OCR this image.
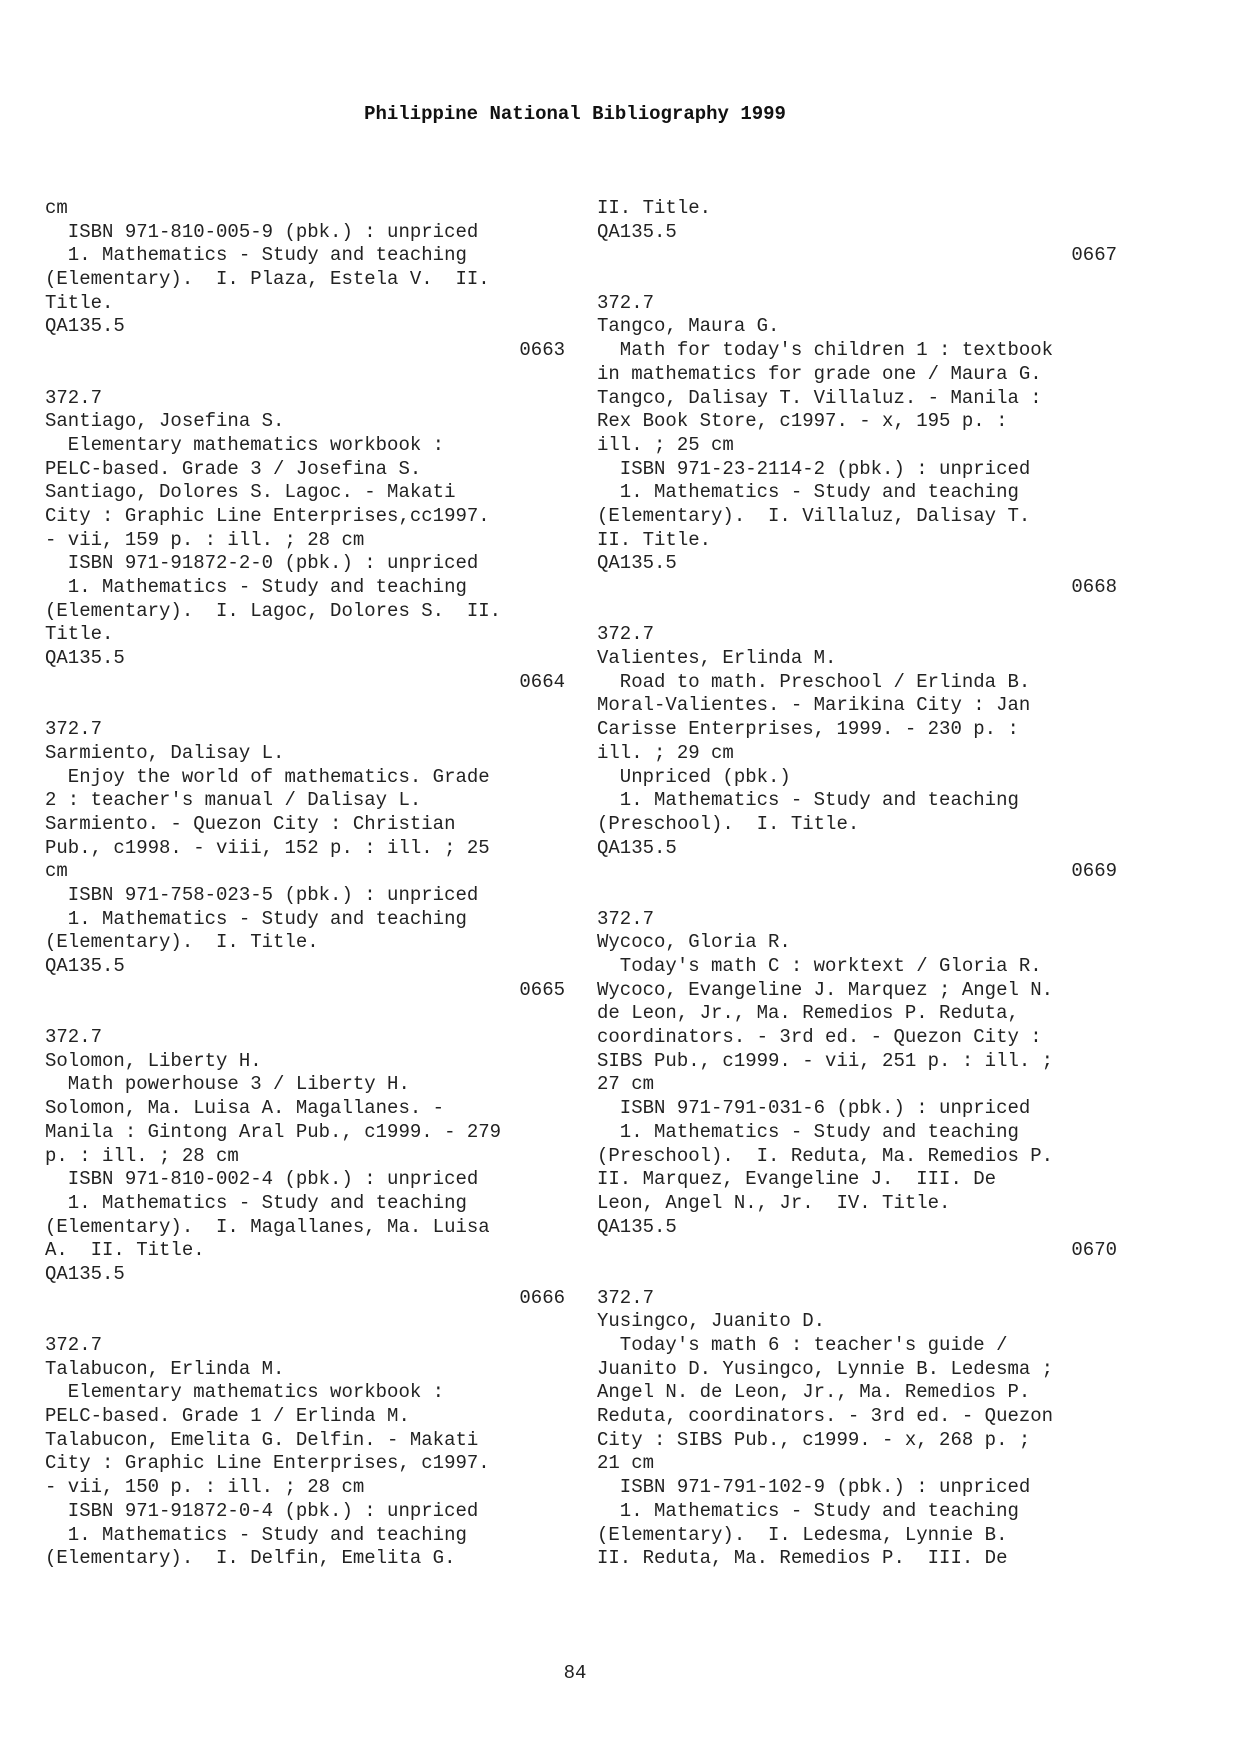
Philippine National Bibliography 1999
cm
ISBN 971-810-005-9 (pbk.) : unpriced
1. Mathematics - Study and teaching
(Elementary).  I. Plaza, Estela V.  II.
Title.
QA135.5
0663
372.7
Santiago, Josefina S.
Elementary mathematics workbook :
PELC-based. Grade 3 / Josefina S.
Santiago, Dolores S. Lagoc. - Makati
City : Graphic Line Enterprises,cc1997.
- vii, 159 p. : ill. ; 28 cm
ISBN 971-91872-2-0 (pbk.) : unpriced
1. Mathematics - Study and teaching
(Elementary).  I. Lagoc, Dolores S.  II.
Title.
QA135.5
0664
372.7
Sarmiento, Dalisay L.
Enjoy the world of mathematics. Grade
2 : teacher's manual / Dalisay L.
Sarmiento. - Quezon City : Christian
Pub., c1998. - viii, 152 p. : ill. ; 25
cm
ISBN 971-758-023-5 (pbk.) : unpriced
1. Mathematics - Study and teaching
(Elementary).  I. Title.
QA135.5
0665
372.7
Solomon, Liberty H.
Math powerhouse 3 / Liberty H.
Solomon, Ma. Luisa A. Magallanes. -
Manila : Gintong Aral Pub., c1999. - 279
p. : ill. ; 28 cm
ISBN 971-810-002-4 (pbk.) : unpriced
1. Mathematics - Study and teaching
(Elementary).  I. Magallanes, Ma. Luisa
A.  II. Title.
QA135.5
0666
372.7
Talabucon, Erlinda M.
Elementary mathematics workbook :
PELC-based. Grade 1 / Erlinda M.
Talabucon, Emelita G. Delfin. - Makati
City : Graphic Line Enterprises, c1997.
- vii, 150 p. : ill. ; 28 cm
ISBN 971-91872-0-4 (pbk.) : unpriced
1. Mathematics - Study and teaching
(Elementary).  I. Delfin, Emelita G.
II. Title.
QA135.5
0667
372.7
Tangco, Maura G.
Math for today's children 1 : textbook
in mathematics for grade one / Maura G.
Tangco, Dalisay T. Villaluz. - Manila :
Rex Book Store, c1997. - x, 195 p. :
ill. ; 25 cm
ISBN 971-23-2114-2 (pbk.) : unpriced
1. Mathematics - Study and teaching
(Elementary).  I. Villaluz, Dalisay T.
II. Title.
QA135.5
0668
372.7
Valientes, Erlinda M.
Road to math. Preschool / Erlinda B.
Moral-Valientes. - Marikina City : Jan
Carisse Enterprises, 1999. - 230 p. :
ill. ; 29 cm
Unpriced (pbk.)
1. Mathematics - Study and teaching
(Preschool).  I. Title.
QA135.5
0669
372.7
Wycoco, Gloria R.
Today's math C : worktext / Gloria R.
Wycoco, Evangeline J. Marquez ; Angel N.
de Leon, Jr., Ma. Remedios P. Reduta,
coordinators. - 3rd ed. - Quezon City :
SIBS Pub., c1999. - vii, 251 p. : ill. ;
27 cm
ISBN 971-791-031-6 (pbk.) : unpriced
1. Mathematics - Study and teaching
(Preschool).  I. Reduta, Ma. Remedios P.
II. Marquez, Evangeline J.  III. De
Leon, Angel N., Jr.  IV. Title.
QA135.5
0670
372.7
Yusingco, Juanito D.
Today's math 6 : teacher's guide /
Juanito D. Yusingco, Lynnie B. Ledesma ;
Angel N. de Leon, Jr., Ma. Remedios P.
Reduta, coordinators. - 3rd ed. - Quezon
City : SIBS Pub., c1999. - x, 268 p. ;
21 cm
ISBN 971-791-102-9 (pbk.) : unpriced
1. Mathematics - Study and teaching
(Elementary).  I. Ledesma, Lynnie B.
II. Reduta, Ma. Remedios P.  III. De
84
